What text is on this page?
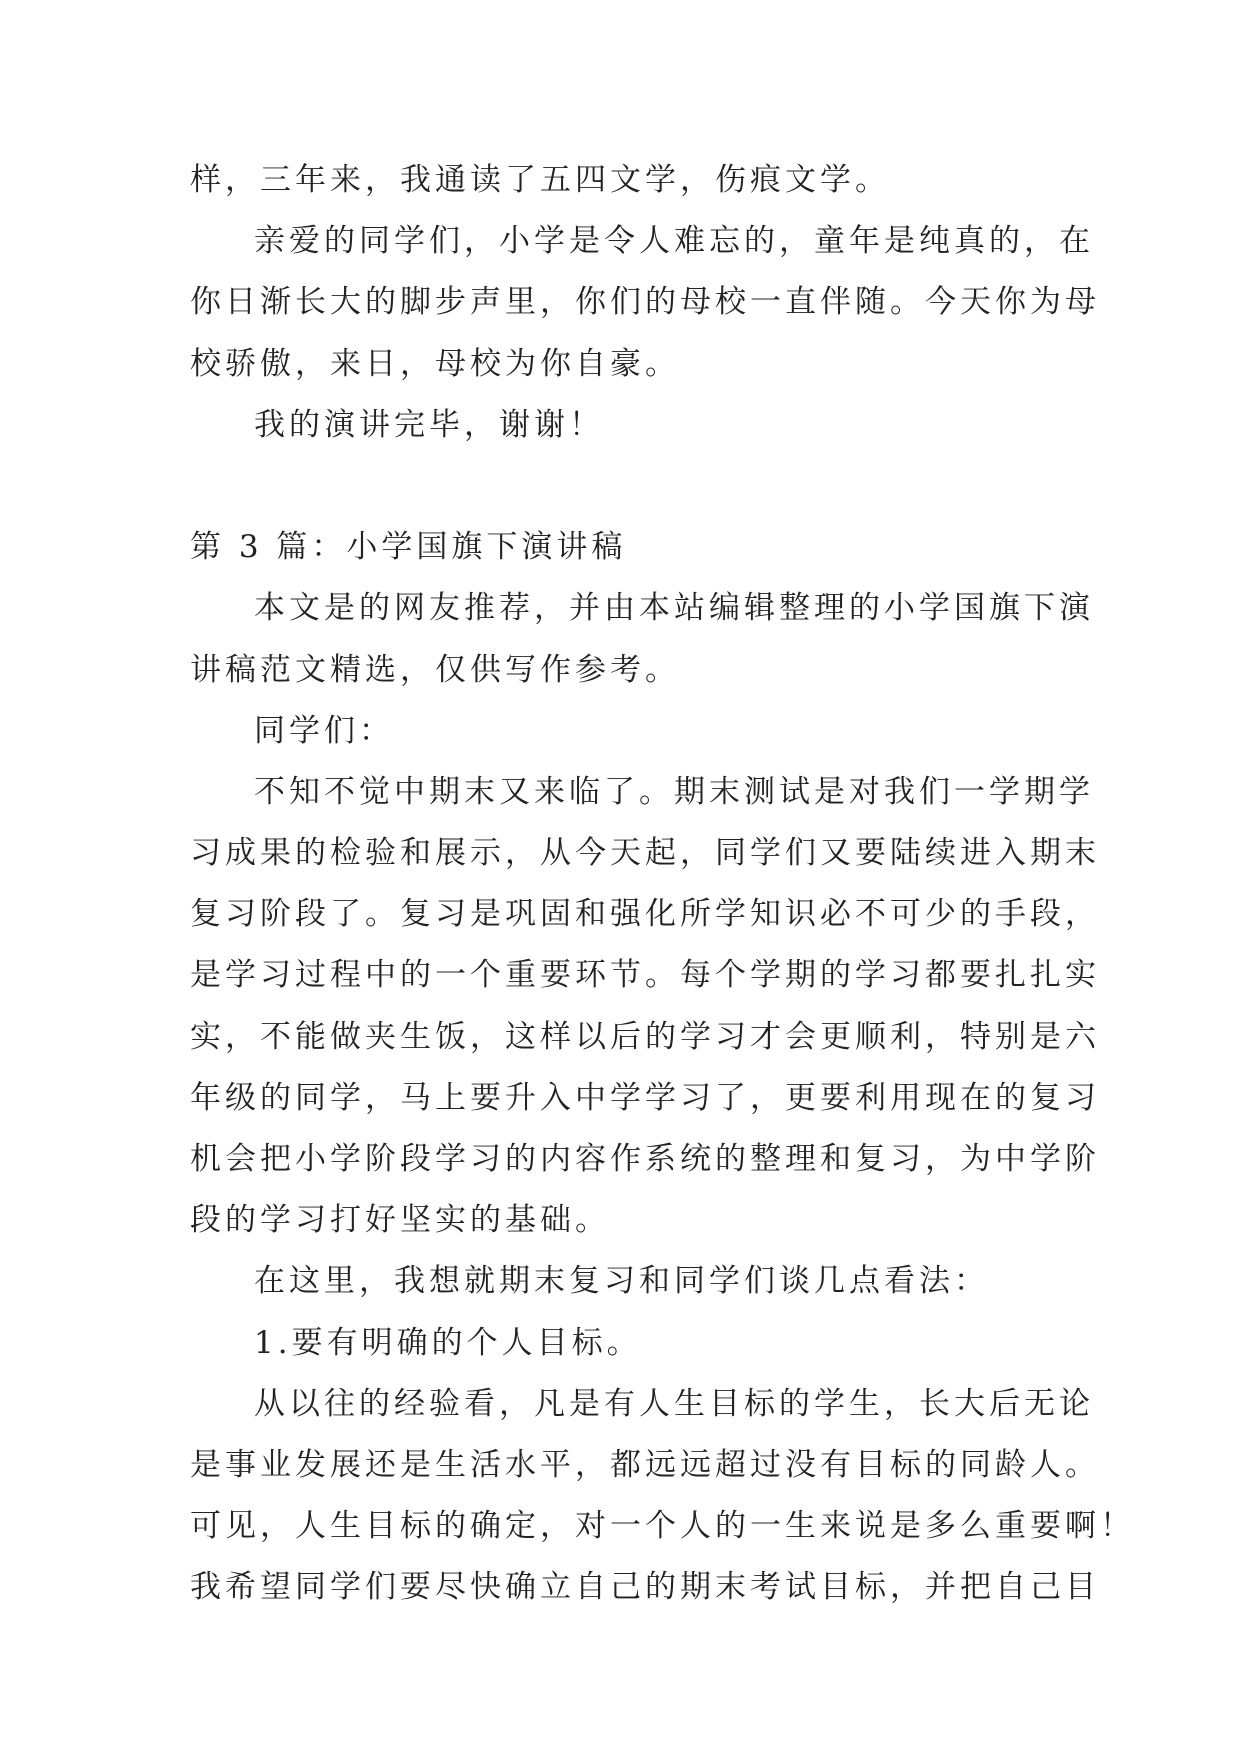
样，三年来，我通读了五四文学，伤痕文学。
亲爱的同学们，小学是令人难忘的，童年是纯真的，在
你日渐长大的脚步声里，你们的母校一直伴随。今天你为母
校骄傲，来日，母校为你自豪。
我的演讲完毕，谢谢！
第 3 篇：小学国旗下演讲稿
本文是的网友推荐，并由本站编辑整理的小学国旗下演
讲稿范文精选，仅供写作参考。
同学们：
不知不觉中期末又来临了。期末测试是对我们一学期学
习成果的检验和展示，从今天起，同学们又要陆续进入期末
复习阶段了。复习是巩固和强化所学知识必不可少的手段，
是学习过程中的一个重要环节。每个学期的学习都要扎扎实
实，不能做夹生饭，这样以后的学习才会更顺利，特别是六
年级的同学，马上要升入中学学习了，更要利用现在的复习
机会把小学阶段学习的内容作系统的整理和复习，为中学阶
段的学习打好坚实的基础。
在这里，我想就期末复习和同学们谈几点看法：
1.要有明确的个人目标。
从以往的经验看，凡是有人生目标的学生，长大后无论
是事业发展还是生活水平，都远远超过没有目标的同龄人。
可见，人生目标的确定，对一个人的一生来说是多么重要啊！
我希望同学们要尽快确立自己的期末考试目标，并把自己目
